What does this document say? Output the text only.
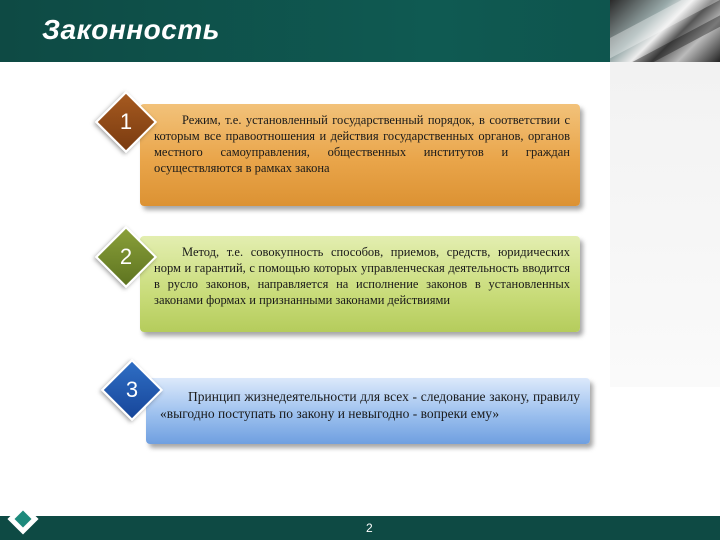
Законность
Режим, т.е. установленный государственный порядок, в соответствии с которым все правоотношения и действия государственных органов, органов местного самоуправления, общественных институтов и граждан осуществляются в рамках закона
1
Метод, т.е. совокупность способов, приемов, средств, юридических норм и гарантий, с помощью которых управленческая деятельность вводится в русло законов, направляется на исполнение законов в установленных законами формах и признанными законами действиями
2
Принцип жизнедеятельности для всех - следование закону, правилу «выгодно поступать по закону и невыгодно - вопреки ему»
3
2
